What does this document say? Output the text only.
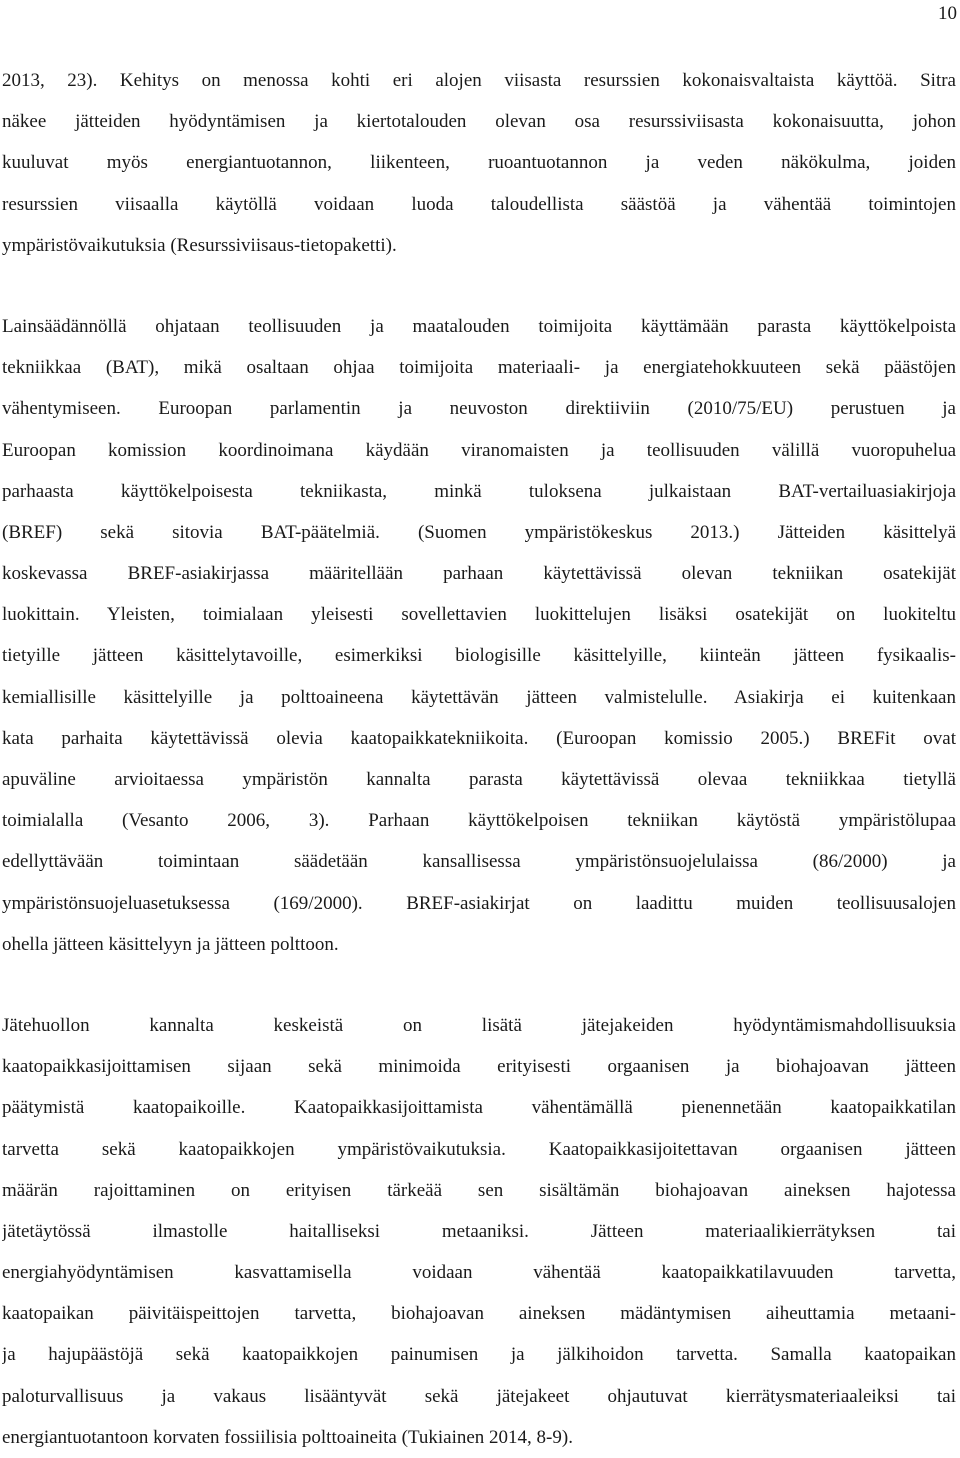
10
2013, 23). Kehitys on menossa kohti eri alojen viisasta resurssien kokonaisvaltaista käyttöä. Sitra
näkee jätteiden hyödyntämisen ja kiertotalouden olevan osa resurssiviisasta kokonaisuutta, johon
kuuluvat myös energiantuotannon, liikenteen, ruoantuotannon ja veden näkökulma, joiden
resurssien viisaalla käytöllä voidaan luoda taloudellista säästöä ja vähentää toimintojen
ympäristövaikutuksia (Resurssiviisaus-tietopaketti).
Lainsäädännöllä ohjataan teollisuuden ja maatalouden toimijoita käyttämään parasta käyttökelpoista
tekniikkaa (BAT), mikä osaltaan ohjaa toimijoita materiaali- ja energiatehokkuuteen sekä päästöjen
vähentymiseen. Euroopan parlamentin ja neuvoston direktiiviin (2010/75/EU) perustuen ja
Euroopan komission koordinoimana käydään viranomaisten ja teollisuuden välillä vuoropuhelua
parhaasta käyttökelpoisesta tekniikasta, minkä tuloksena julkaistaan BAT-vertailuasiakirjoja
(BREF) sekä sitovia BAT-päätelmiä. (Suomen ympäristökeskus 2013.) Jätteiden käsittelyä
koskevassa BREF-asiakirjassa määritellään parhaan käytettävissä olevan tekniikan osatekijät
luokittain. Yleisten, toimialaan yleisesti sovellettavien luokittelujen lisäksi osatekijät on luokiteltu
tietyille jätteen käsittelytavoille, esimerkiksi biologisille käsittelyille, kiinteän jätteen fysikaalis-
kemiallisille käsittelyille ja polttoaineena käytettävän jätteen valmistelulle. Asiakirja ei kuitenkaan
kata parhaita käytettävissä olevia kaatopaikkatekniikoita. (Euroopan komissio 2005.) BREFit ovat
apuväline arvioitaessa ympäristön kannalta parasta käytettävissä olevaa tekniikkaa tietyllä
toimialalla (Vesanto 2006, 3). Parhaan käyttökelpoisen tekniikan käytöstä ympäristölupaa
edellyttävään toimintaan säädetään kansallisessa ympäristönsuojelulaissa (86/2000) ja
ympäristönsuojeluasetuksessa (169/2000). BREF-asiakirjat on laadittu muiden teollisuusalojen
ohella jätteen käsittelyyn ja jätteen polttoon.
Jätehuollon kannalta keskeistä on lisätä jätejakeiden hyödyntämismahdollisuuksia
kaatopaikkasijoittamisen sijaan sekä minimoida erityisesti orgaanisen ja biohajoavan jätteen
päätymistä kaatopaikoille. Kaatopaikkasijoittamista vähentämällä pienennetään kaatopaikkatilan
tarvetta sekä kaatopaikkojen ympäristövaikutuksia. Kaatopaikkasijoitettavan orgaanisen jätteen
määrän rajoittaminen on erityisen tärkeää sen sisältämän biohajoavan aineksen hajotessa
jätetäytössä ilmastolle haitalliseksi metaaniksi. Jätteen materiaalikierrätyksen tai
energiahyödyntämisen kasvattamisella voidaan vähentää kaatopaikkatilavuuden tarvetta,
kaatopaikan päivitäispeittojen tarvetta, biohajoavan aineksen mädäntymisen aiheuttamia metaani-
ja hajupäästöjä sekä kaatopaikkojen painumisen ja jälkihoidon tarvetta. Samalla kaatopaikan
paloturvallisuus ja vakaus lisääntyvät sekä jätejakeet ohjautuvat kierrätysmateriaaleiksi tai
energiantuotantoon korvaten fossiilisia polttoaineita (Tukiainen 2014, 8-9).
